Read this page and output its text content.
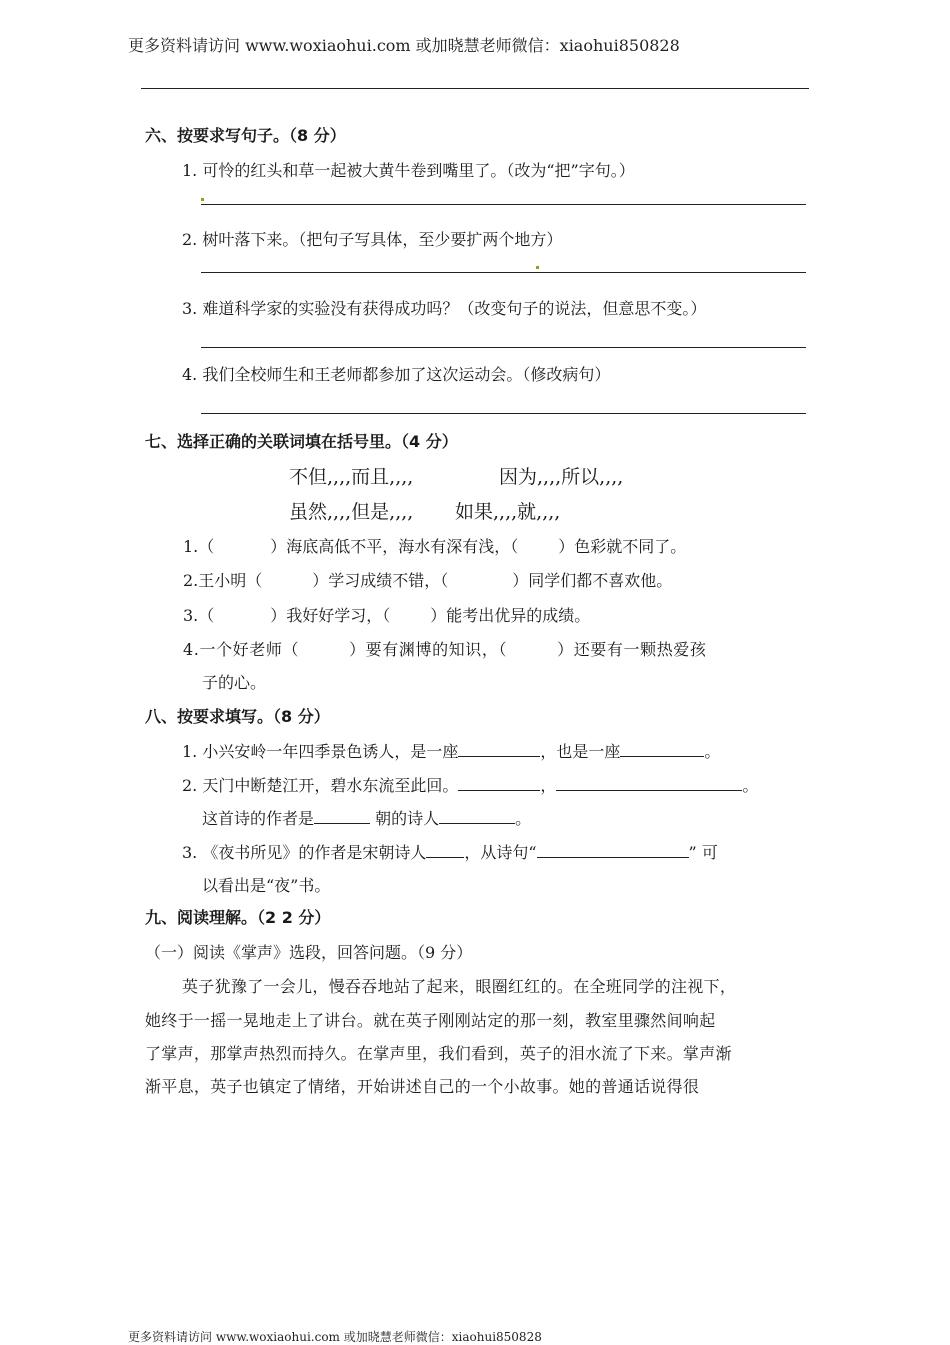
更多资料请访问 www.woxiaohui.com 或加晓慧老师微信：xiaohui850828
六、按要求写句子。（8 分）
1. 可怜的红头和草一起被大黄牛卷到嘴里了。（改为“把”字句。）
2. 树叶落下来。（把句子写具体，至少要扩两个地方）
3. 难道科学家的实验没有获得成功吗？（改变句子的说法，但意思不变。）
4. 我们全校师生和王老师都参加了这次运动会。（修改病句）
七、选择正确的关联词填在括号里。（4 分）
不但,,,,而且,,,,	因为,,,,所以,,,,
虽然,,,,但是,,,, 如果,,,,就,,,,
1.（	）海底高低不平，海水有深有浅，（	）色彩就不同了。
2.王小明（	）学习成绩不错，（	）同学们都不喜欢他。
3.（	）我好好学习，（	）能考出优异的成绩。
4.一个好老师（	）要有渊博的知识，（	）还要有一颗热爱孩
子的心。
八、按要求填写。（8 分）
1. 小兴安岭一年四季景色诱人，是一座	，也是一座	。
2. 天门中断楚江开，碧水东流至此回。	，	。
这首诗的作者是	朝的诗人	。
3. 《夜书所见》的作者是宋朝诗人 ，从诗句“	” 可
以看出是“夜”书。
九、阅读理解。（2 2 分）
（一）阅读《掌声》选段，回答问题。（9 分）
英子犹豫了一会儿，慢吞吞地站了起来，眼圈红红的。在全班同学的注视下，
她终于一摇一晃地走上了讲台。就在英子刚刚站定的那一刻，教室里骤然间响起
了掌声，那掌声热烈而持久。在掌声里，我们看到，英子的泪水流了下来。掌声渐
渐平息，英子也镇定了情绪，开始讲述自己的一个小故事。她的普通话说得很
更多资料请访问 www.woxiaohui.com 或加晓慧老师微信：xiaohui850828
